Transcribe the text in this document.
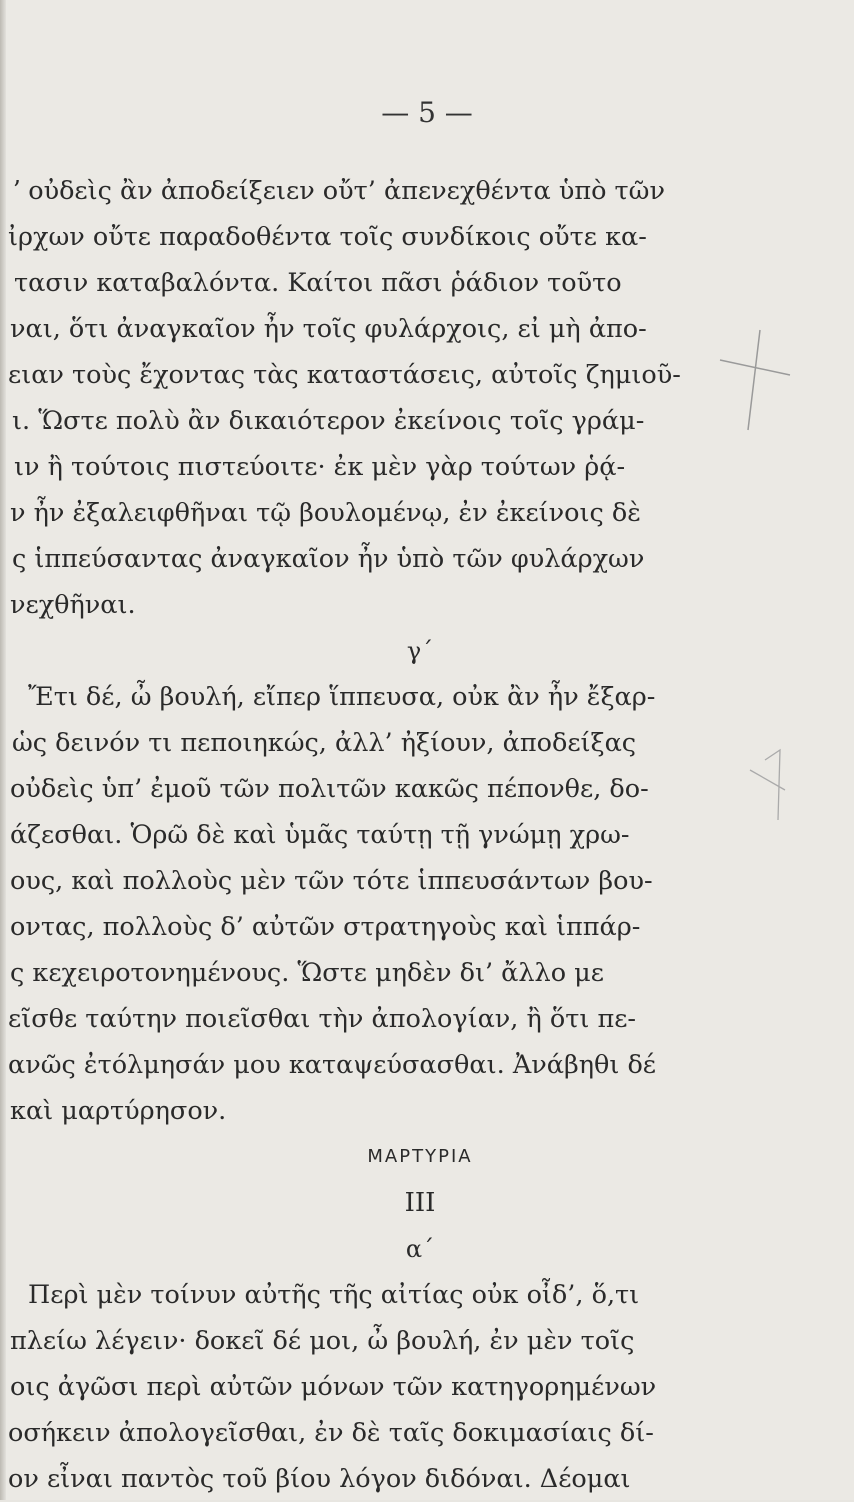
— 5 —
ʼ οὐδεὶς ἂν ἀποδείξειεν οὔτ’ ἀπενεχθέντα ὑπὸ τῶν
ἰρχων οὔτε παραδοθέντα τοῖς συνδίκοις οὔτε κα-
τασιν καταβαλόντα. Καίτοι πᾶσι ῥάδιον τοῦτο
ναι, ὅτι ἀναγκαῖον ἦν τοῖς φυλάρχοις, εἰ μὴ ἀπο-
ειαν τοὺς ἔχοντας τὰς καταστάσεις, αὐτοῖς ζημιοῦ-
ι. Ὥστε πολὺ ἂν δικαιότερον ἐκείνοις τοῖς γράμ-
ιν ἢ τούτοις πιστεύοιτε· ἐκ μὲν γὰρ τούτων ῥᾴ-
ν ἦν ἐξαλειφθῆναι τῷ βουλομένῳ, ἐν ἐκείνοις δὲ
ς ἱππεύσαντας ἀναγκαῖον ἦν ὑπὸ τῶν φυλάρχων
νεχθῆναι.
γ΄
Ἔτι δέ, ὦ βουλή, εἴπερ ἵππευσα, οὐκ ἂν ἦν ἔξαρ-
ὡς δεινόν τι πεποιηκώς, ἀλλ’ ἠξίουν, ἀποδείξας
οὐδεὶς ὑπ’ ἐμοῦ τῶν πολιτῶν κακῶς πέπονθε, δο-
άζεσθαι. Ὁρῶ δὲ καὶ ὑμᾶς ταύτῃ τῇ γνώμῃ χρω-
ους, καὶ πολλοὺς μὲν τῶν τότε ἱππευσάντων βου-
οντας, πολλοὺς δ’ αὐτῶν στρατηγοὺς καὶ ἱππάρ-
ς κεχειροτονημένους. Ὥστε μηδὲν δι’ ἄλλο με
εῖσθε ταύτην ποιεῖσθαι τὴν ἀπολογίαν, ἢ ὅτι πε-
ανῶς ἐτόλμησάν μου καταψεύσασθαι. Ἀνάβηθι δέ
καὶ μαρτύρησον.
ΜΑΡΤΥΡΙΑ
III
α΄
Περὶ μὲν τοίνυν αὐτῆς τῆς αἰτίας οὐκ οἶδ’, ὅ,τι
πλείω λέγειν· δοκεῖ δέ μοι, ὦ βουλή, ἐν μὲν τοῖς
οις ἀγῶσι περὶ αὐτῶν μόνων τῶν κατηγορημένων
οσήκειν ἀπολογεῖσθαι, ἐν δὲ ταῖς δοκιμασίαις δί-
ον εἶναι παντὸς τοῦ βίου λόγον διδόναι. Δέομαι
